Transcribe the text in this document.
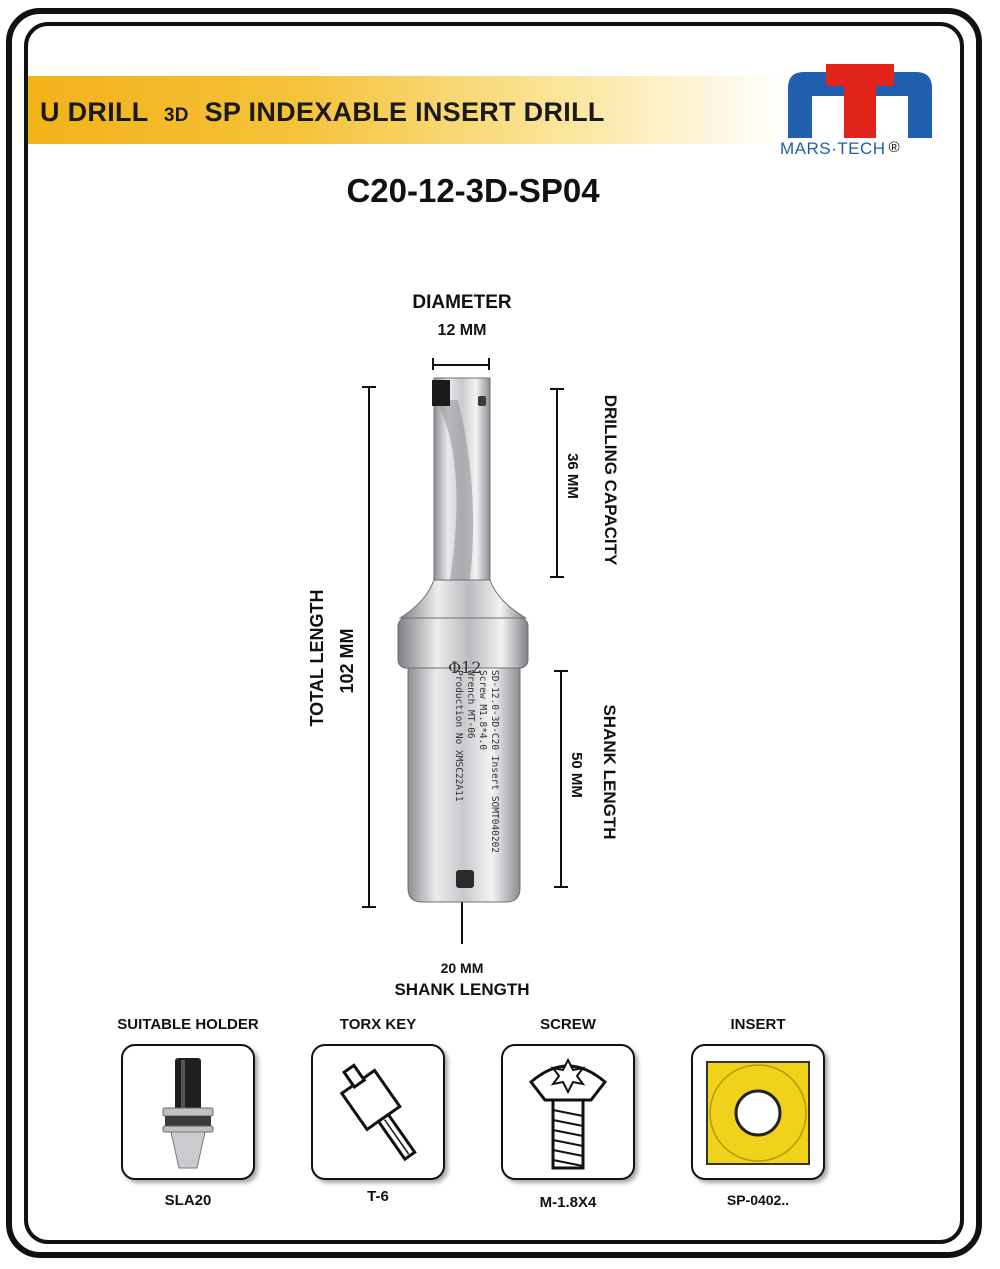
U DRILL 3D SP INDEXABLE INSERT DRILL
MARS·TECH ®
C20-12-3D-SP04
DIAMETER
12 MM
TOTAL LENGTH 102 MM
36 MM DRILLING CAPACITY
50 MM SHANK LENGTH
20 MM
SHANK LENGTH
Φ12
SD-12.0-3D-C20 Insert SOMT040202
Screw M1.8*4.0
Wrench MT-06
Production No XMSC22A11
SUITABLE HOLDER
SLA20
TORX KEY
T-6
SCREW
M-1.8X4
INSERT
SP-0402..
